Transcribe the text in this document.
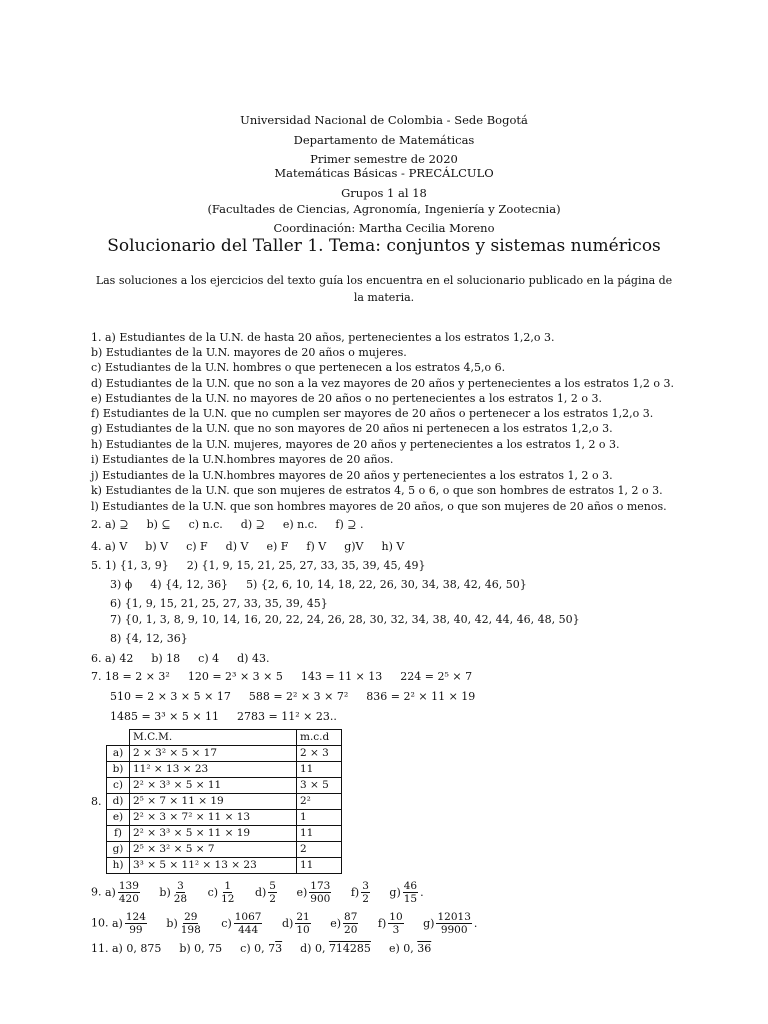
Universidad Nacional de Colombia - Sede Bogotá
Departamento de Matemáticas
Primer semestre de 2020
Matemáticas Básicas - PRECÁLCULO
Grupos 1 al 18
(Facultades de Ciencias, Agronomía, Ingeniería y Zootecnia)
Coordinación: Martha Cecilia Moreno
Solucionario del Taller 1. Tema: conjuntos y sistemas numéricos
Las soluciones a los ejercicios del texto guía los encuentra en el solucionario publicado en la página de la materia.
1. a) Estudiantes de la U.N. de hasta 20 años, pertenecientes a los estratos 1,2,o 3.
b) Estudiantes de la U.N. mayores de 20 años o mujeres.
c) Estudiantes de la U.N. hombres o que pertenecen a los estratos 4,5,o 6.
d) Estudiantes de la U.N. que no son a la vez mayores de 20 años y pertenecientes a los estratos 1,2 o 3.
e) Estudiantes de la U.N. no mayores de 20 años o no pertenecientes a los estratos 1, 2 o 3.
f) Estudiantes de la U.N. que no cumplen ser mayores de 20 años o pertenecer a los estratos 1,2,o 3.
g) Estudiantes de la U.N. que no son mayores de 20 años ni pertenecen a los estratos 1,2,o 3.
h) Estudiantes de la U.N. mujeres, mayores de 20 años y pertenecientes a los estratos 1, 2 o 3.
i) Estudiantes de la U.N.hombres mayores de 20 años.
j) Estudiantes de la U.N.hombres mayores de 20 años y pertenecientes a los estratos 1, 2 o 3.
k) Estudiantes de la U.N. que son mujeres de estratos 4, 5 o 6, o que son hombres de estratos 1, 2 o 3.
l) Estudiantes de la U.N. que son hombres mayores de 20 años, o que son mujeres de 20 años o menos.
2. a) ⊇ b) ⊆ c) n.c. d) ⊇ e) n.c. f) ⊇ .
4. a) V b) V c) F d) V e) F f) V g)V h) V
5. 1) {1, 3, 9} 2) {1, 9, 15, 21, 25, 27, 33, 35, 39, 45, 49}
3) ϕ 4) {4, 12, 36} 5) {2, 6, 10, 14, 18, 22, 26, 30, 34, 38, 42, 46, 50}
6) {1, 9, 15, 21, 25, 27, 33, 35, 39, 45}
7) {0, 1, 3, 8, 9, 10, 14, 16, 20, 22, 24, 26, 28, 30, 32, 34, 38, 40, 42, 44, 46, 48, 50}
8) {4, 12, 36}
6. a) 42 b) 18 c) 4 d) 43.
7. 18 = 2 × 3² 120 = 2³ × 3 × 5 143 = 11 × 13 224 = 2⁵ × 7
510 = 2 × 3 × 5 × 17 588 = 2² × 3 × 7² 836 = 2² × 11 × 19
1485 = 3³ × 5 × 11 2783 = 11² × 23..
8.
	M.C.M.	m.c.d
a)	2 × 3² × 5 × 17	2 × 3
b)	11² × 13 × 23	11
c)	2² × 3³ × 5 × 11	3 × 5
d)	2⁵ × 7 × 11 × 19	2²
e)	2² × 3 × 7² × 11 × 13	1
f)	2² × 3³ × 5 × 11 × 19	11
g)	2⁵ × 3² × 5 × 7	2
h)	3³ × 5 × 11² × 13 × 23	11
9. $a) \frac{139}{420} b) \frac{3}{28} c) \frac{1}{12} d) \frac{5}{2} e) \frac{173}{900} f) \frac{3}{2} g) \frac{46}{15}$ .
10. $a) \frac{124}{99} b) \frac{29}{198} c) \frac{1067}{444} d) \frac{21}{10} e) \frac{87}{20} f) \frac{10}{3} g) \frac{12013}{9900}$ .
11. a) 0, 875 b) 0, 75 c) 0, 73 d) 0, 714285 e) 0, 36
